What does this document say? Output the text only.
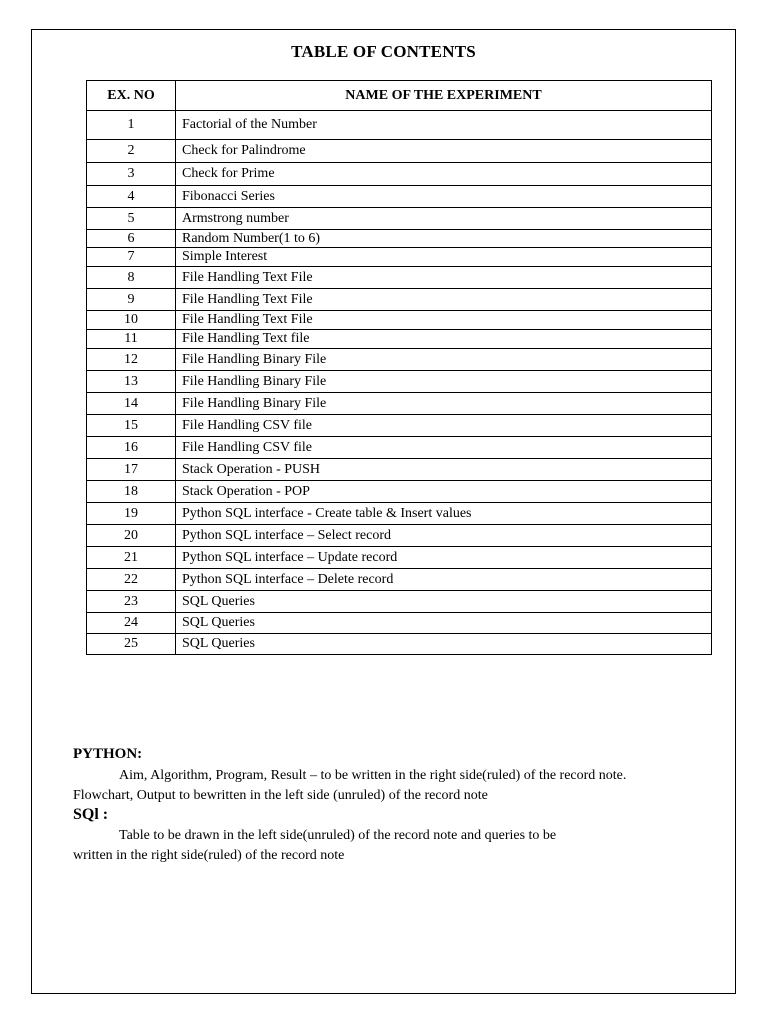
TABLE OF CONTENTS
EX. NO	NAME OF THE EXPERIMENT
1	Factorial of the Number
2	Check for Palindrome
3	Check for Prime
4	Fibonacci Series
5	Armstrong number
6	Random Number(1 to 6)
7	Simple Interest
8	File Handling Text File
9	File Handling Text File
10	File Handling Text File
11	File Handling Text file
12	File Handling Binary File
13	File Handling Binary File
14	File Handling Binary File
15	File Handling CSV file
16	File Handling CSV file
17	Stack Operation - PUSH
18	Stack Operation - POP
19	Python SQL interface - Create table & Insert values
20	Python SQL interface – Select record
21	Python SQL interface – Update record
22	Python SQL interface – Delete record
23	SQL Queries
24	SQL Queries
25	SQL Queries
PYTHON:
Aim, Algorithm, Program, Result – to be written in the right side(ruled) of the record note.
Flowchart, Output to bewritten in the left side (unruled) of the record note
SQl :
Table to be drawn in the left side(unruled) of the record note and queries to be
written in the right side(ruled) of the record note
